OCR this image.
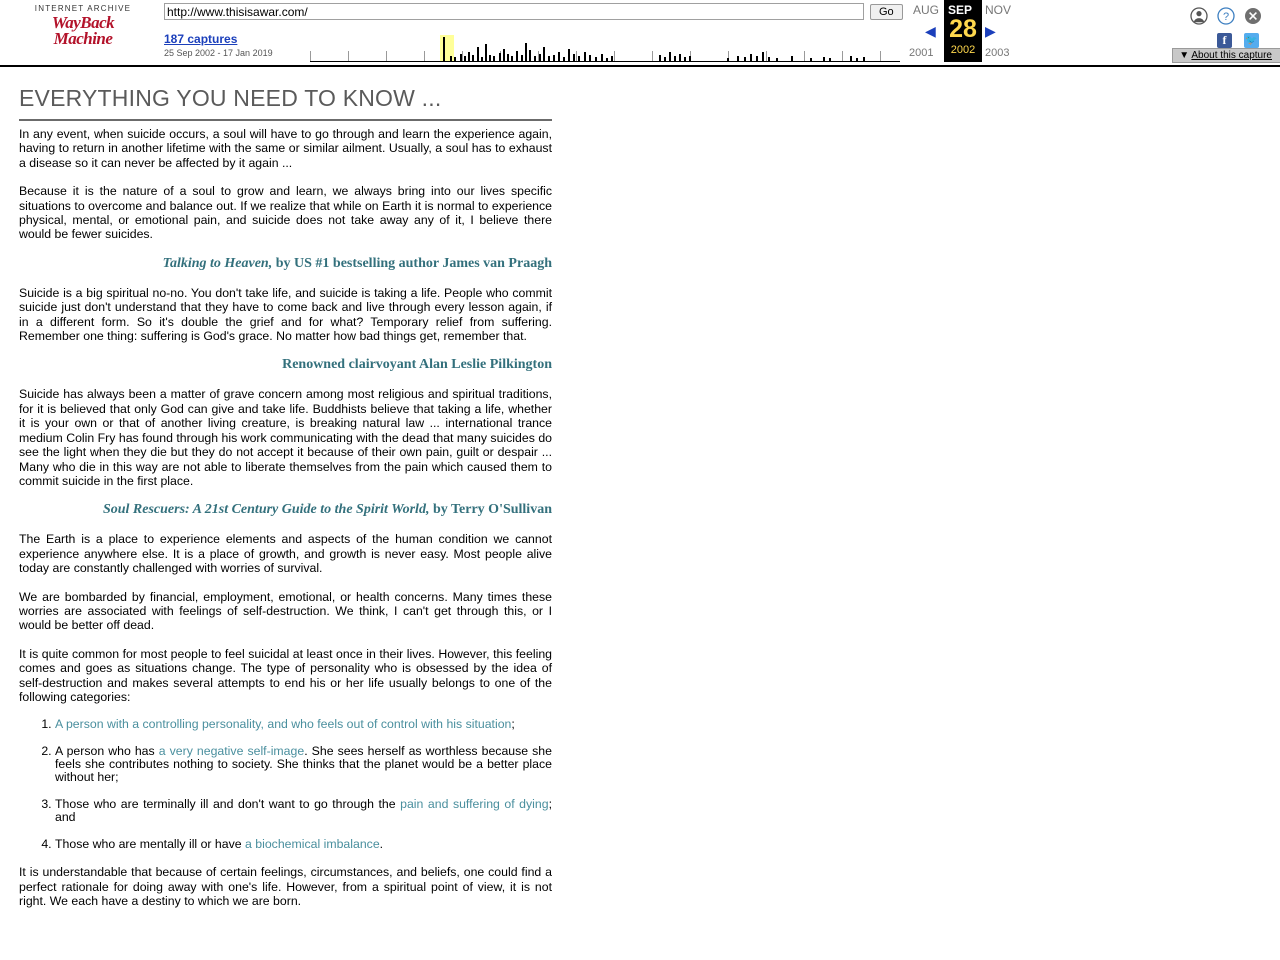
INTERNET ARCHIVE
WayBack
Machine
http://www.thisisawar.com/
Go
187 captures
25 Sep 2002 - 17 Jan 2019
AUG
28
2002
SEP NOV
◀	▶
2001	2003
?
f	🐦
▼ About this capture
EVERYTHING YOU NEED TO KNOW ...

In any event, when suicide occurs, a soul will have to go through and learn the experience again, having to return in another lifetime with the same or similar ailment. Usually, a soul has to exhaust a disease so it can never be affected by it again ...

Because it is the nature of a soul to grow and learn, we always bring into our lives specific situations to overcome and balance out. If we realize that while on Earth it is normal to experience physical, mental, or emotional pain, and suicide does not take away any of it, I believe there would be fewer suicides.

Talking to Heaven, by US #1 bestselling author James van Praagh

Suicide is a big spiritual no-no. You don't take life, and suicide is taking a life. People who commit suicide just don't understand that they have to come back and live through every lesson again, if in a different form. So it's double the grief and for what? Temporary relief from suffering. Remember one thing: suffering is God's grace. No matter how bad things get, remember that.

Renowned clairvoyant Alan Leslie Pilkington

Suicide has always been a matter of grave concern among most religious and spiritual traditions, for it is believed that only God can give and take life. Buddhists believe that taking a life, whether it is your own or that of another living creature, is breaking natural law ... international trance medium Colin Fry has found through his work communicating with the dead that many suicides do see the light when they die but they do not accept it because of their own pain, guilt or despair ... Many who die in this way are not able to liberate themselves from the pain which caused them to commit suicide in the first place.

Soul Rescuers: A 21st Century Guide to the Spirit World, by Terry O'Sullivan

The Earth is a place to experience elements and aspects of the human condition we cannot experience anywhere else. It is a place of growth, and growth is never easy. Most people alive today are constantly challenged with worries of survival.

We are bombarded by financial, employment, emotional, or health concerns. Many times these worries are associated with feelings of self-destruction. We think, I can't get through this, or I would be better off dead.

It is quite common for most people to feel suicidal at least once in their lives. However, this feeling comes and goes as situations change. The type of personality who is obsessed by the idea of self-destruction and makes several attempts to end his or her life usually belongs to one of the following categories:

1. A person with a controlling personality, and who feels out of control with his situation;
2. A person who has a very negative self-image. She sees herself as worthless because she feels she contributes nothing to society. She thinks that the planet would be a better place without her;
3. Those who are terminally ill and don't want to go through the pain and suffering of dying; and
4. Those who are mentally ill or have a biochemical imbalance.

It is understandable that because of certain feelings, circumstances, and beliefs, one could find a perfect rationale for doing away with one's life. However, from a spiritual point of view, it is not right. We each have a destiny to which we are born.
